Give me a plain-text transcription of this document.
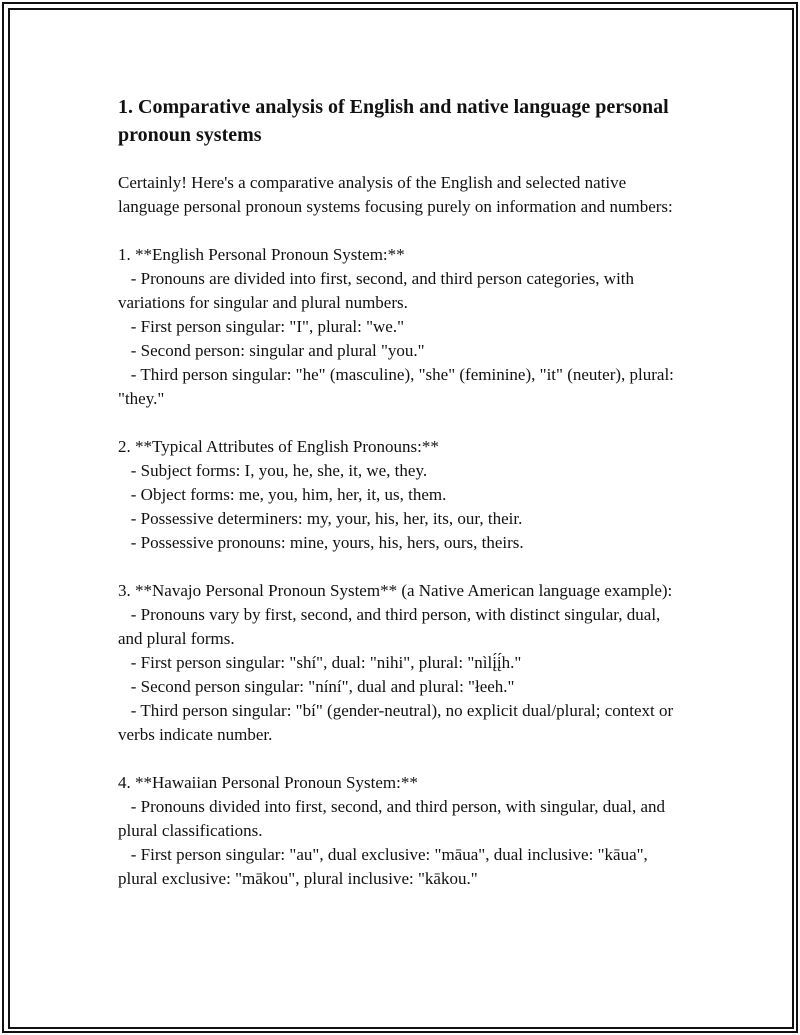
1. Comparative analysis of English and native language personal pronoun systems

Certainly! Here's a comparative analysis of the English and selected native language personal pronoun systems focusing purely on information and numbers:

1. **English Personal Pronoun System:**

- Pronouns are divided into first, second, and third person categories, with variations for singular and plural numbers.

- First person singular: "I", plural: "we."

- Second person: singular and plural "you."

- Third person singular: "he" (masculine), "she" (feminine), "it" (neuter), plural: "they."

2. **Typical Attributes of English Pronouns:**

- Subject forms: I, you, he, she, it, we, they.

- Object forms: me, you, him, her, it, us, them.

- Possessive determiners: my, your, his, her, its, our, their.

- Possessive pronouns: mine, yours, his, hers, ours, theirs.

3. **Navajo Personal Pronoun System** (a Native American language example):

- Pronouns vary by first, second, and third person, with distinct singular, dual, and plural forms.

- First person singular: "shí", dual: "nihi", plural: "nìlį́į́h."

- Second person singular: "níní", dual and plural: "łeeh."

- Third person singular: "bí" (gender-neutral), no explicit dual/plural; context or verbs indicate number.

4. **Hawaiian Personal Pronoun System:**

- Pronouns divided into first, second, and third person, with singular, dual, and plural classifications.

- First person singular: "au", dual exclusive: "māua", dual inclusive: "kāua", plural exclusive: "mākou", plural inclusive: "kākou."
